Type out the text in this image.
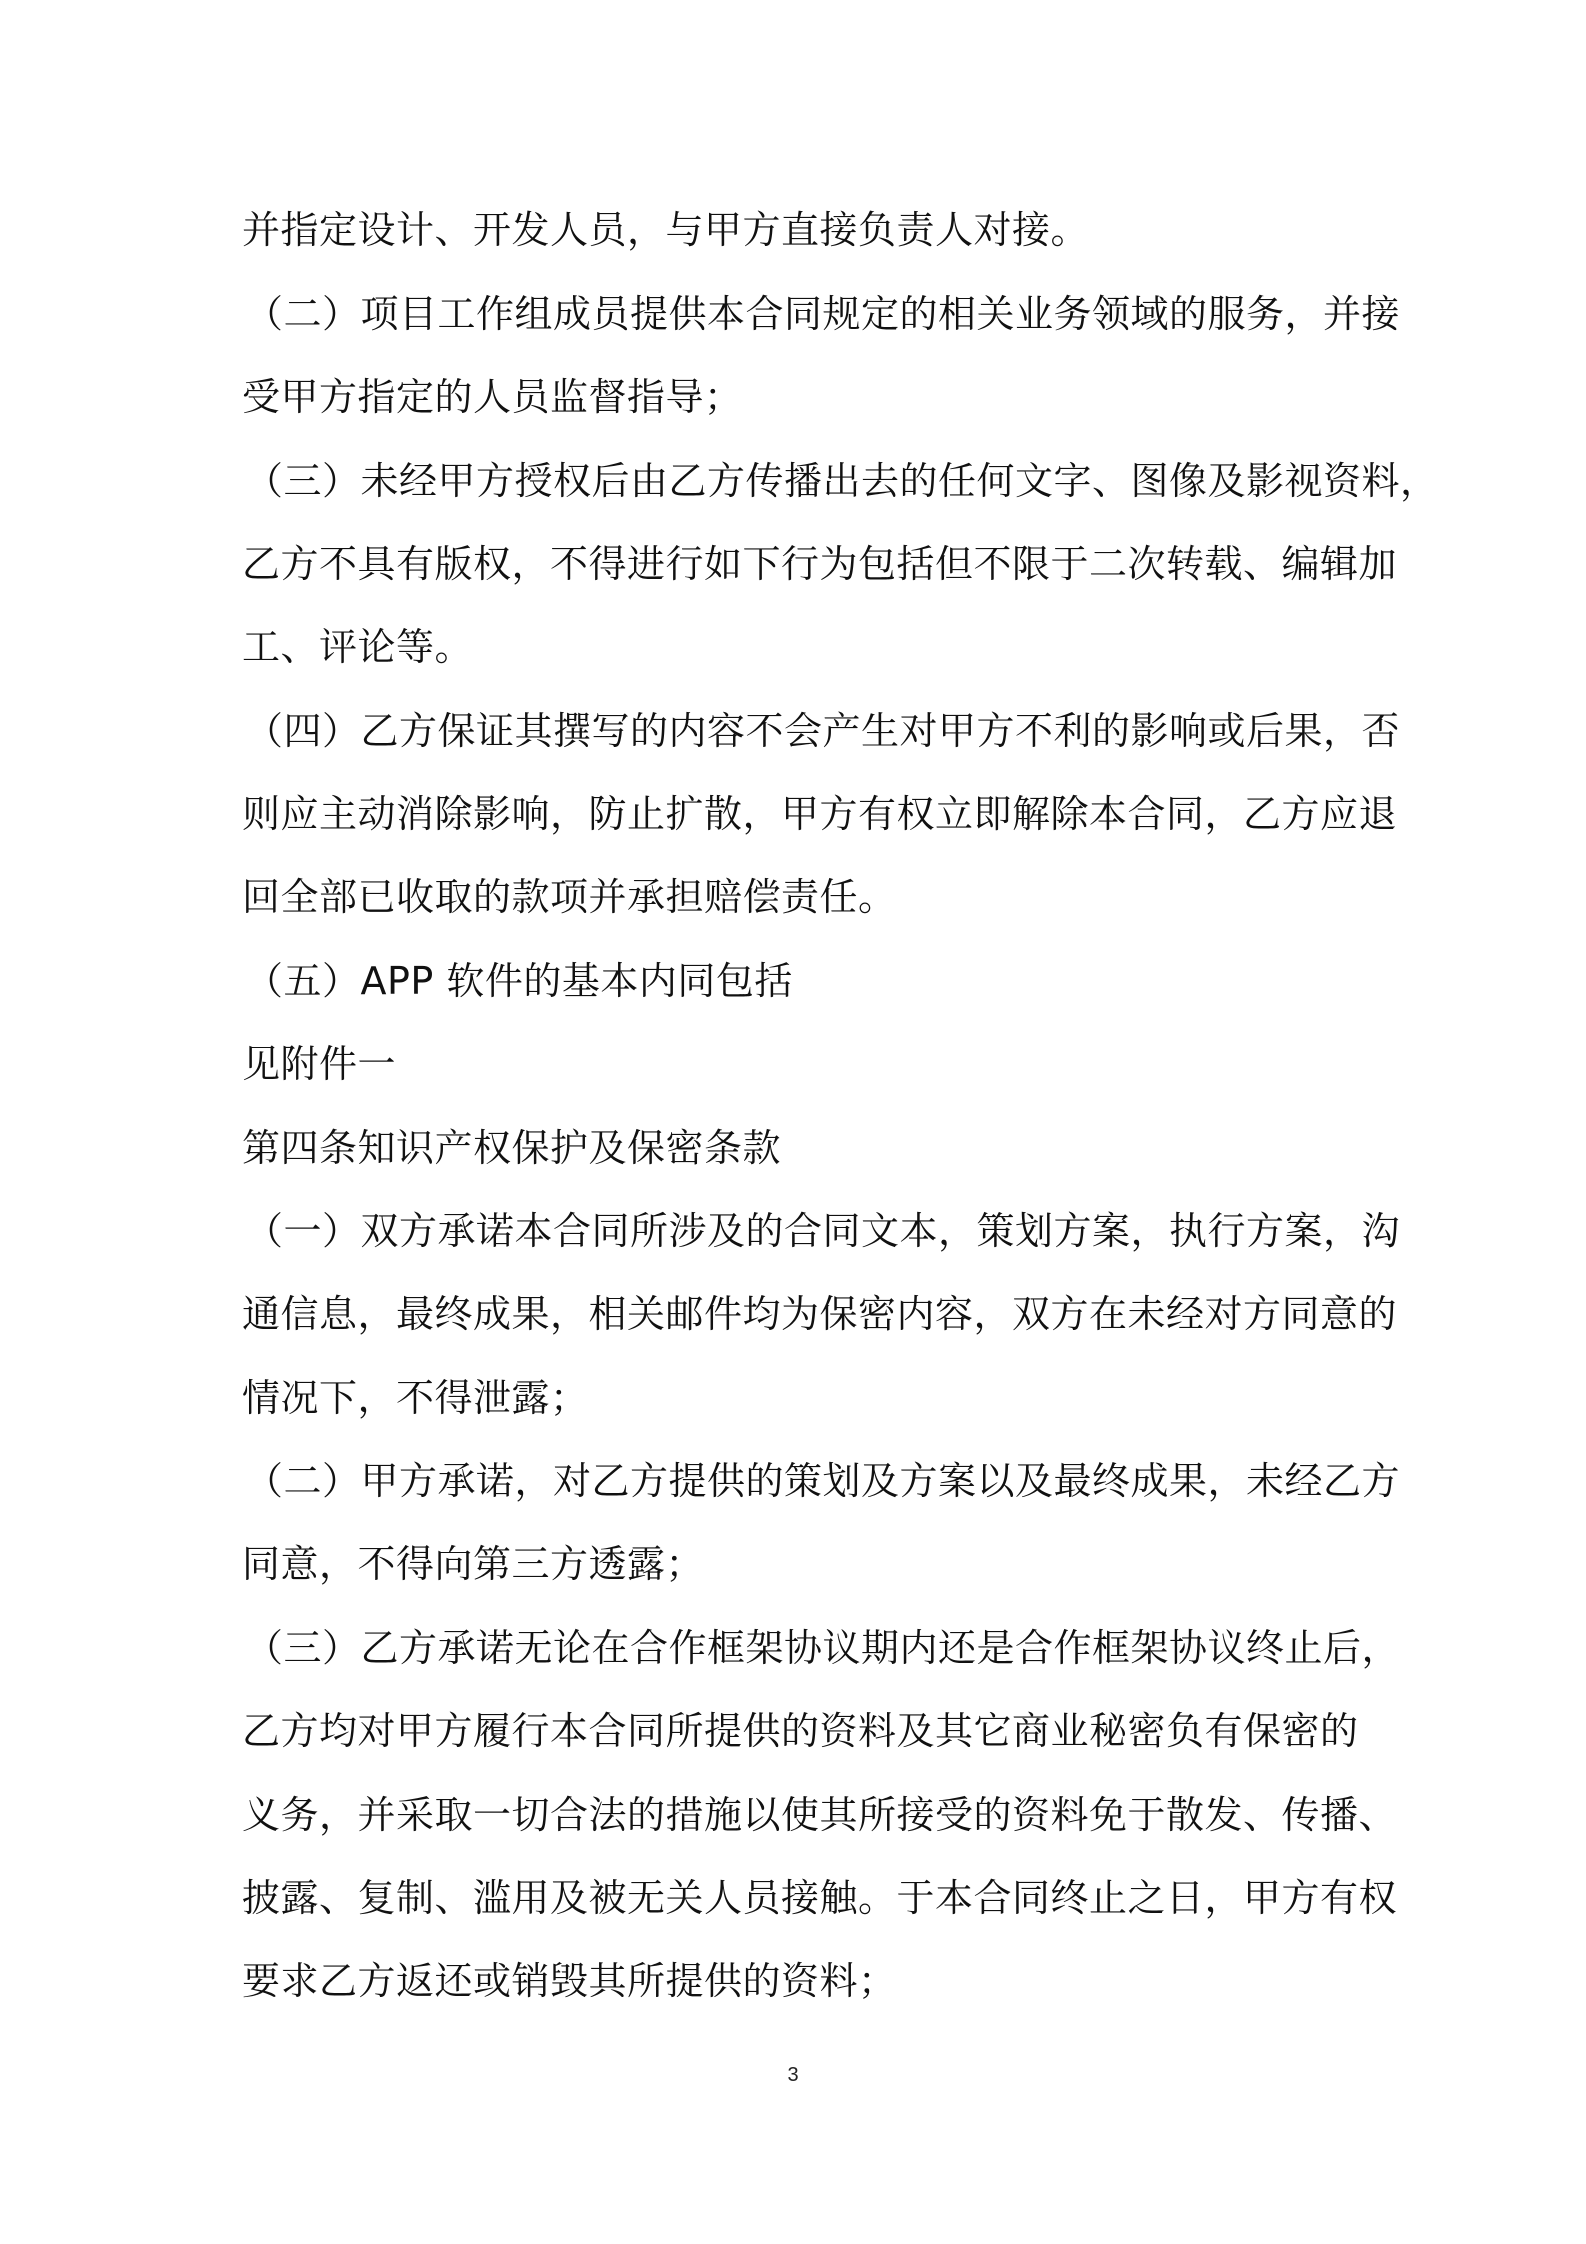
并指定设计、开发人员，与甲方直接负责人对接。

（二）项目工作组成员提供本合同规定的相关业务领域的服务，并接

受甲方指定的人员监督指导；

（三）未经甲方授权后由乙方传播出去的任何文字、图像及影视资料，

乙方不具有版权，不得进行如下行为包括但不限于二次转载、编辑加

工、评论等。

（四）乙方保证其撰写的内容不会产生对甲方不利的影响或后果，否

则应主动消除影响，防止扩散，甲方有权立即解除本合同，乙方应退

回全部已收取的款项并承担赔偿责任。

（五）APP 软件的基本内同包括

见附件一

第四条知识产权保护及保密条款

（一）双方承诺本合同所涉及的合同文本，策划方案，执行方案，沟

通信息，最终成果，相关邮件均为保密内容，双方在未经对方同意的

情况下，不得泄露；

（二）甲方承诺，对乙方提供的策划及方案以及最终成果，未经乙方

同意，不得向第三方透露；

（三）乙方承诺无论在合作框架协议期内还是合作框架协议终止后，

乙方均对甲方履行本合同所提供的资料及其它商业秘密负有保密的

义务，并采取一切合法的措施以使其所接受的资料免于散发、传播、

披露、复制、滥用及被无关人员接触。于本合同终止之日，甲方有权

要求乙方返还或销毁其所提供的资料；

3
